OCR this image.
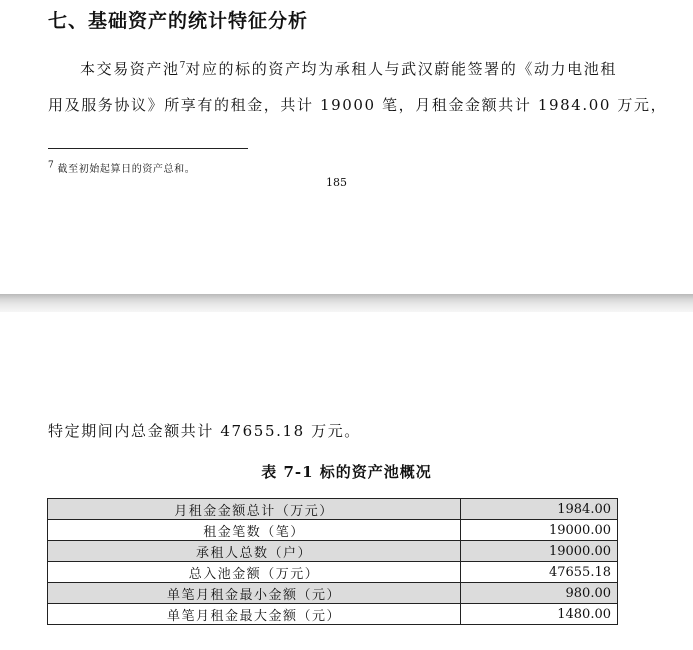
七、基础资产的统计特征分析
本交易资产池$^7$对应的标的资产均为承租人与武汉蔚能签署的《动力电池租
用及服务协议》所享有的租金，共计 19000 笔，月租金金额共计 1984.00 万元，
$^7$ 截至初始起算日的资产总和。
185
特定期间内总金额共计 47655.18 万元。
表 7-1 标的资产池概况
月租金金额总计（万元）	1984.00
租金笔数（笔）	19000.00
承租人总数（户）	19000.00
总入池金额（万元）	47655.18
单笔月租金最小金额（元）	980.00
单笔月租金最大金额（元）	1480.00
